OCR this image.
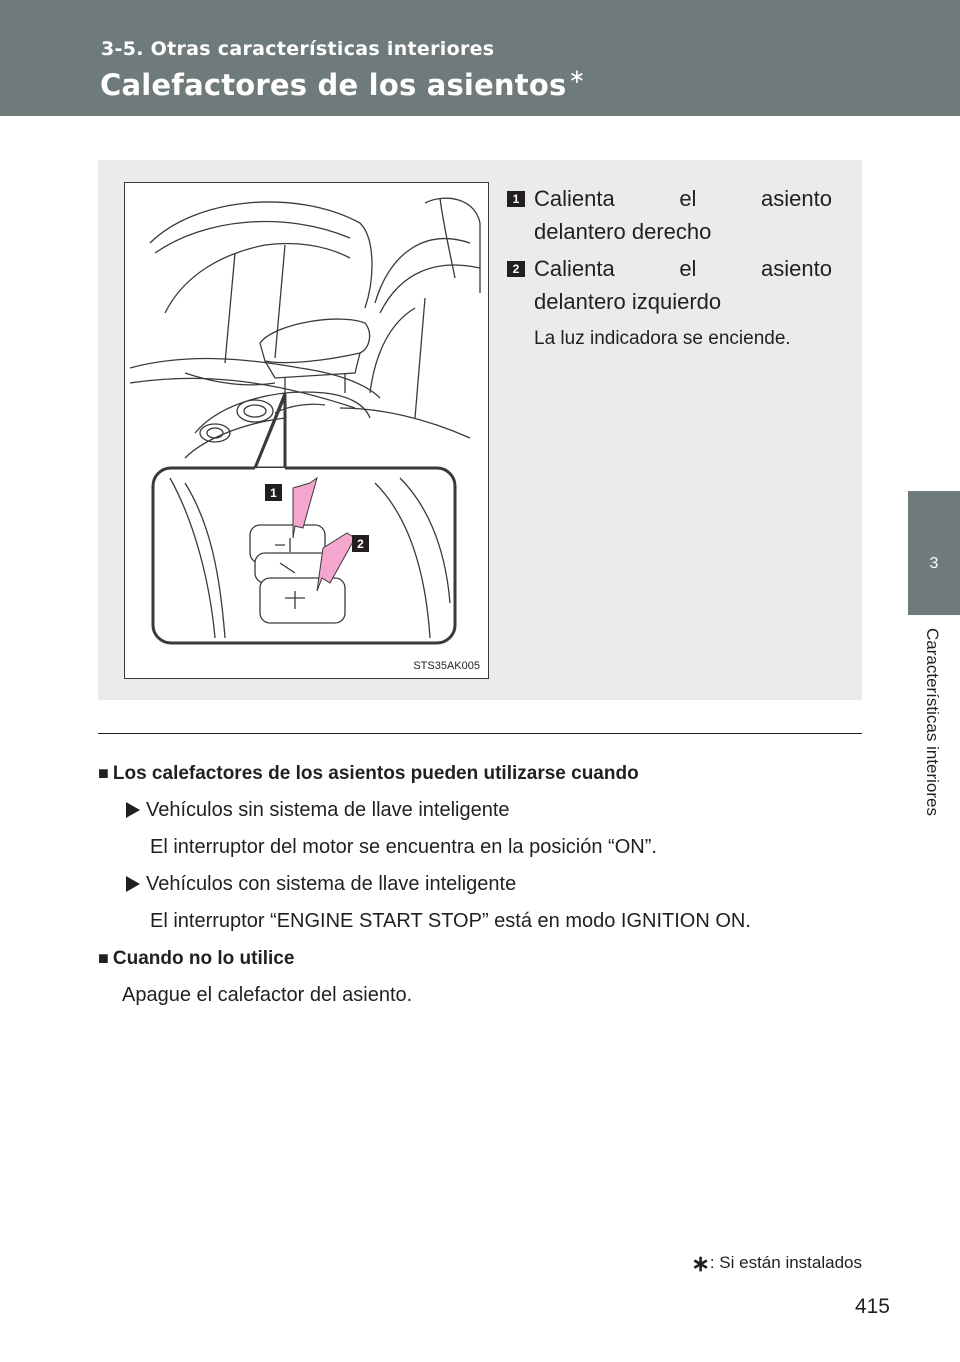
3-5. Otras características interiores
Calefactores de los asientos ∗
3
Características interiores
1
2
STS35AK005
1 Calienta	el	asiento
delantero derecho
2 Calienta	el	asiento
delantero izquierdo
La luz indicadora se enciende.
■ Los calefactores de los asientos pueden utilizarse cuando
Vehículos sin sistema de llave inteligente
El interruptor del motor se encuentra en la posición “ON”.
Vehículos con sistema de llave inteligente
El interruptor “ENGINE START STOP” está en modo IGNITION ON.
■ Cuando no lo utilice
Apague el calefactor del asiento.
∗: Si están instalados
415
